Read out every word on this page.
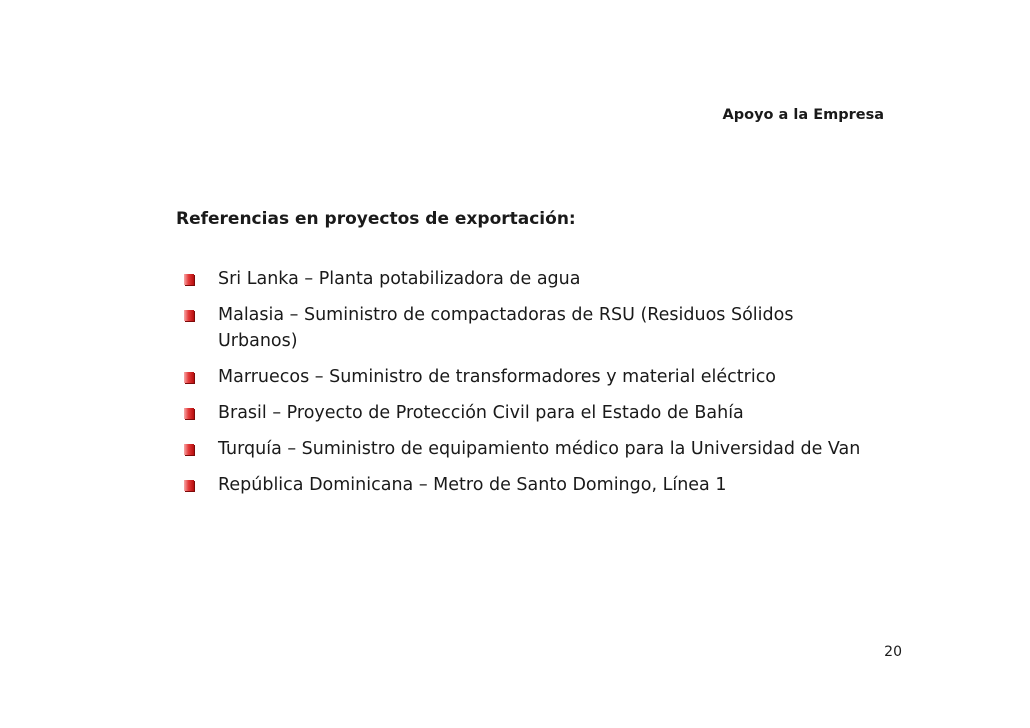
Apoyo a la Empresa
Referencias en proyectos de exportación:
Sri Lanka – Planta potabilizadora de agua
Malasia – Suministro de compactadoras de RSU (Residuos Sólidos Urbanos)
Marruecos – Suministro de transformadores y material eléctrico
Brasil – Proyecto de Protección Civil para el Estado de Bahía
Turquía – Suministro de equipamiento médico para la Universidad de Van
República Dominicana – Metro de Santo Domingo, Línea 1
20
